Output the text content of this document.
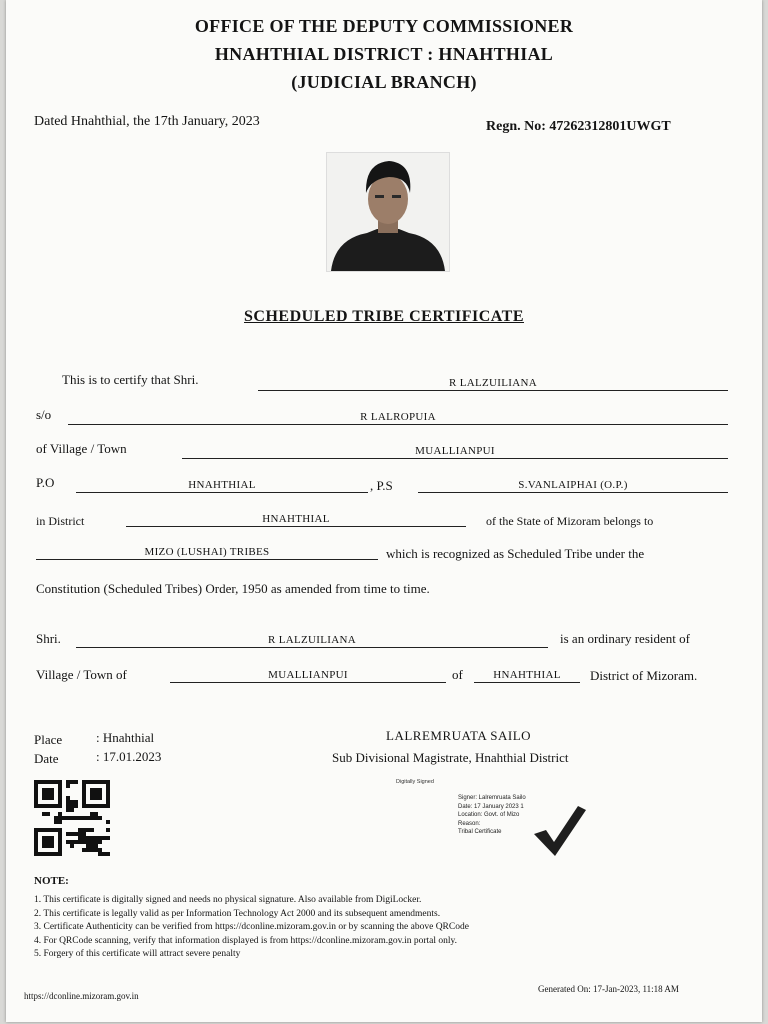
OFFICE OF THE DEPUTY COMMISSIONER
HNAHTHIAL DISTRICT : HNAHTHIAL
(JUDICIAL BRANCH)
Dated Hnahthial, the 17th January, 2023	Regn. No: 47262312801UWGT
SCHEDULED TRIBE CERTIFICATE
This is to certify that Shri.	R LALZUILIANA
s/o	R LALROPUIA
of Village / Town	MUALLIANPUI
P.O	HNAHTHIAL	, P.S	S.VANLAIPHAI (O.P.)
in District	HNAHTHIAL	of the State of Mizoram belongs to
MIZO (LUSHAI) TRIBES	which is recognized as Scheduled Tribe under the
Constitution (Scheduled Tribes) Order, 1950 as amended from time to time.
Shri.	R LALZUILIANA	is an ordinary resident of
Village / Town of	MUALLIANPUI	of	HNAHTHIAL	District of Mizoram.
Place	: Hnahthial
Date	: 17.01.2023
LALREMRUATA SAILO
Sub Divisional Magistrate, Hnahthial District
Digitally Signed
Signer: Lalremruata Sailo
Date: 17 January 2023 1
Location: Govt. of Mizo
Reason:
Tribal Certificate
NOTE:
1. This certificate is digitally signed and needs no physical signature. Also available from DigiLocker.
2. This certificate is legally valid as per Information Technology Act 2000 and its subsequent amendments.
3. Certificate Authenticity can be verified from https://dconline.mizoram.gov.in or by scanning the above QRCode
4. For QRCode scanning, verify that information displayed is from https://dconline.mizoram.gov.in portal only.
5. Forgery of this certificate will attract severe penalty
https://dconline.mizoram.gov.in
Generated On: 17-Jan-2023, 11:18 AM
